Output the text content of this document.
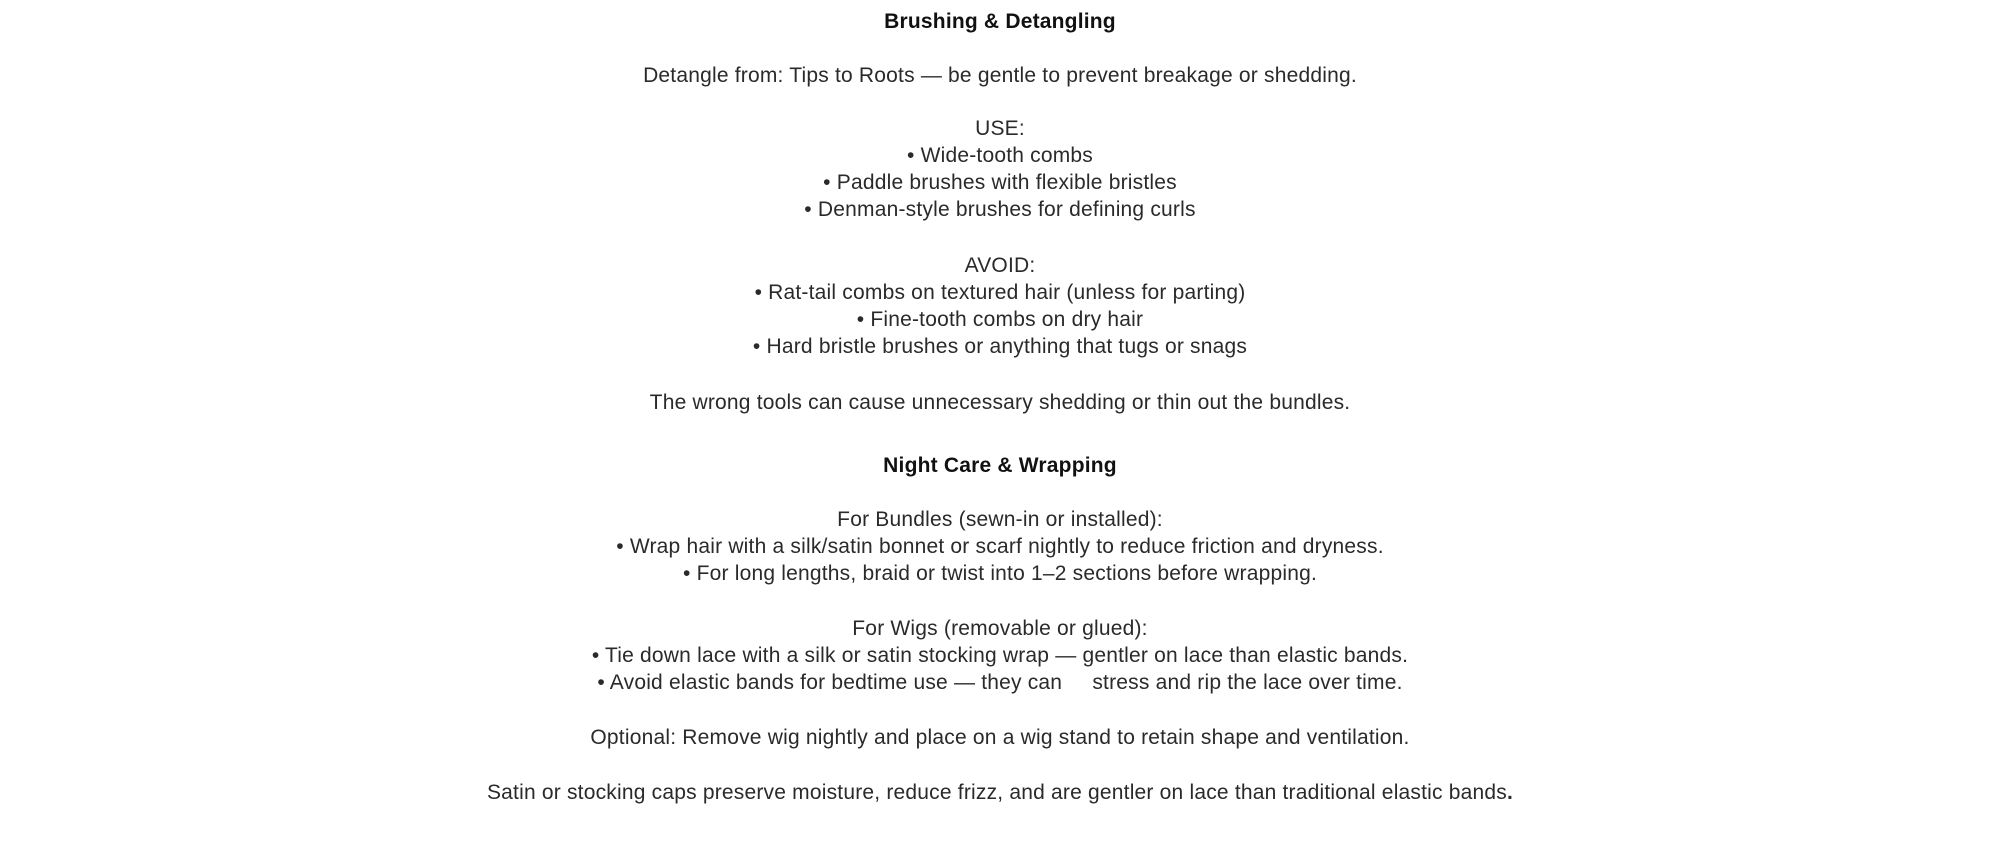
Brushing & Detangling
Detangle from: Tips to Roots — be gentle to prevent breakage or shedding.
USE:
• Wide-tooth combs
• Paddle brushes with flexible bristles
• Denman-style brushes for defining curls
AVOID:
• Rat-tail combs on textured hair (unless for parting)
• Fine-tooth combs on dry hair
• Hard bristle brushes or anything that tugs or snags
The wrong tools can cause unnecessary shedding or thin out the bundles.
Night Care & Wrapping
For Bundles (sewn-in or installed):
• Wrap hair with a silk/satin bonnet or scarf nightly to reduce friction and dryness.
• For long lengths, braid or twist into 1–2 sections before wrapping.
For Wigs (removable or glued):
• Tie down lace with a silk or satin stocking wrap — gentler on lace than elastic bands.
• Avoid elastic bands for bedtime use — they can     stress and rip the lace over time.
Optional: Remove wig nightly and place on a wig stand to retain shape and ventilation.
Satin or stocking caps preserve moisture, reduce frizz, and are gentler on lace than traditional elastic bands.
